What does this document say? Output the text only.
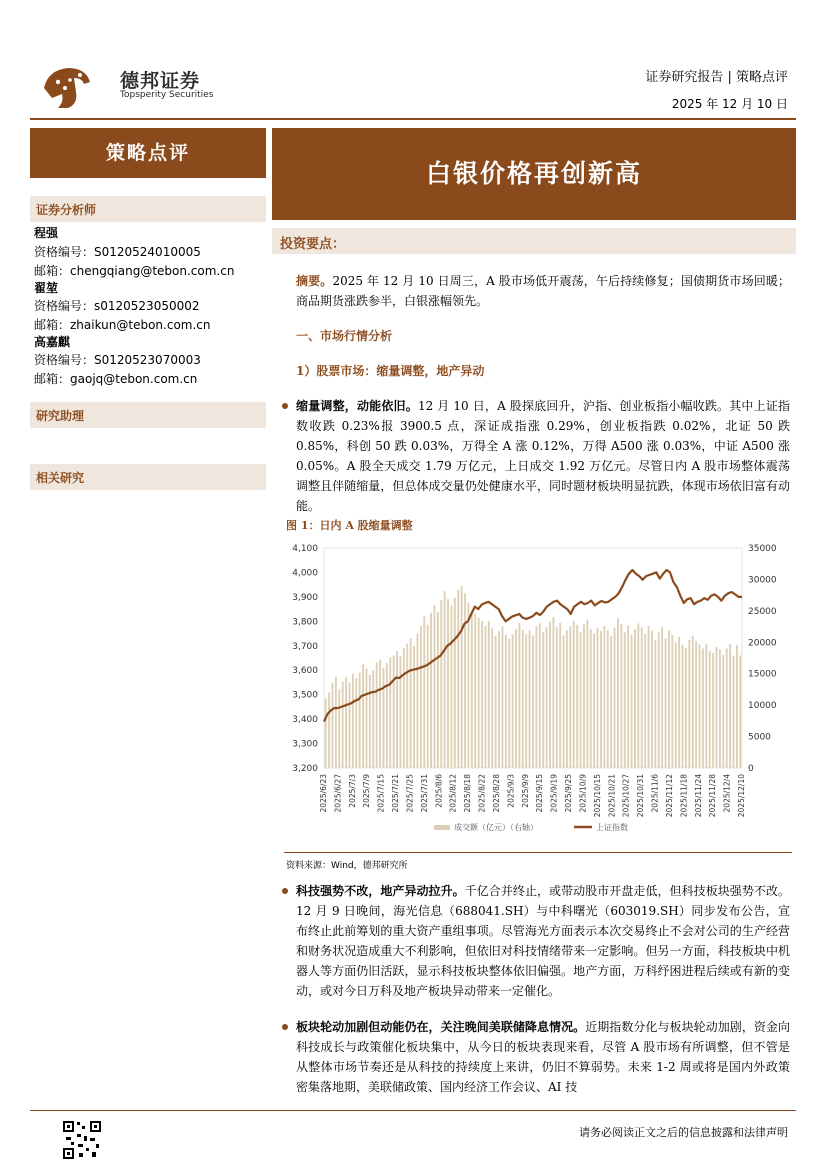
德邦证券
Topsperity Securities
证券研究报告 | 策略点评
2025 年 12 月 10 日
策略点评
证券分析师
程强
资格编号：S0120524010005
邮箱：chengqiang@tebon.com.cn
翟堃
资格编号：s0120523050002
邮箱：zhaikun@tebon.com.cn
高嘉麒
资格编号：S0120523070003
邮箱：gaojq@tebon.com.cn
研究助理
相关研究
白银价格再创新高
投资要点：
摘要。2025 年 12 月 10 日周三，A 股市场低开震荡，午后持续修复；国债期货市场回暖；商品期货涨跌参半，白银涨幅领先。
一、市场行情分析
1）股票市场：缩量调整，地产异动
缩量调整，动能依旧。12 月 10 日，A 股探底回升，沪指、创业板指小幅收跌。其中上证指数收跌 0.23%报 3900.5 点，深证成指涨 0.29%，创业板指跌 0.02%，北证 50 跌 0.85%，科创 50 跌 0.03%，万得全 A 涨 0.12%，万得 A500 涨 0.03%，中证 A500 涨 0.05%。A 股全天成交 1.79 万亿元，上日成交 1.92 万亿元。尽管日内 A 股市场整体震荡调整且伴随缩量，但总体成交量仍处健康水平，同时题材板块明显抗跌，体现市场依旧富有动能。
图 1：日内 A 股缩量调整
3,200
3,300
3,400
3,500
3,600
3,700
3,800
3,900
4,000
4,100
0
5000
10000
15000
20000
25000
30000
35000
2025/6/23 2025/6/27 2025/7/3 2025/7/9 2025/7/15 2025/7/21 2025/7/25 2025/7/31 2025/8/6 2025/8/12 2025/8/18 2025/8/22 2025/8/28 2025/9/3 2025/9/9 2025/9/15 2025/9/19 2025/9/25 2025/10/9 2025/10/15 2025/10/21 2025/10/27 2025/10/31 2025/11/6 2025/11/12 2025/11/18 2025/11/24 2025/11/28 2025/12/4 2025/12/10
成交额（亿元）（右轴）	上证指数
资料来源：Wind，德邦研究所
科技强势不改，地产异动拉升。千亿合并终止，或带动股市开盘走低，但科技板块强势不改。12 月 9 日晚间，海光信息（688041.SH）与中科曙光（603019.SH）同步发布公告，宣布终止此前筹划的重大资产重组事项。尽管海光方面表示本次交易终止不会对公司的生产经营和财务状况造成重大不利影响，但依旧对科技情绪带来一定影响。但另一方面，科技板块中机器人等方面仍旧活跃，显示科技板块整体依旧偏强。地产方面，万科纾困进程后续或有新的变动，或对今日万科及地产板块异动带来一定催化。
板块轮动加剧但动能仍在，关注晚间美联储降息情况。近期指数分化与板块轮动加剧，资金向科技成长与政策催化板块集中，从今日的板块表现来看，尽管 A 股市场有所调整，但不管是从整体市场节奏还是从科技的持续度上来讲，仍旧不算弱势。未来 1-2 周或将是国内外政策密集落地期，美联储政策、国内经济工作会议、AI 技
请务必阅读正文之后的信息披露和法律声明
